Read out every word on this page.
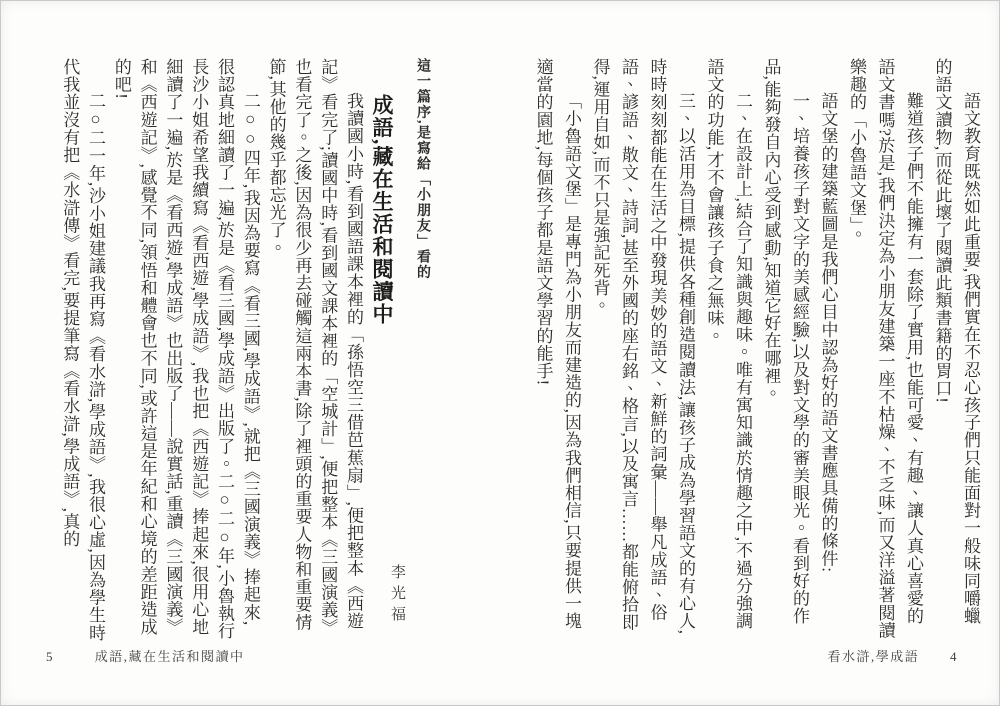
語文教育既然如此重要,我們實在不忍心孩子們只能面對一般味同嚼蠟的語文讀物,而從此壞了閱讀此類書籍的胃口!

難道孩子們不能擁有一套除了實用,也能可愛、有趣、讓人真心喜愛的語文書嗎?於是,我們決定為小朋友建築一座不枯燥、不乏味,而又洋溢著閱讀樂趣的「小魯語文堡」。

語文堡的建築藍圖是我們心目中認為好的語文書應具備的條件:

一、培養孩子對文字的美感經驗,以及對文學的審美眼光。看到好的作品,能夠發自內心受到感動,知道它好在哪裡。

二、在設計上,結合了知識與趣味。唯有寓知識於情趣之中,不過分強調語文的功能,才不會讓孩子食之無味。

三、以活用為目標,提供各種創造閱讀法,讓孩子成為學習語文的有心人,時時刻刻都能在生活之中發現美妙的語文、新鮮的詞彙——舉凡成語、俗語、諺語、散文、詩詞,甚至外國的座右銘、格言,以及寓言……都能俯拾即得,運用自如,而不只是強記死背。

「小魯語文堡」是專門為小朋友而建造的,因為我們相信,只要提供一塊適當的園地,每個孩子都是語文學習的能手!

看水滸,學成語 4

這一篇序,是寫給「小朋友」看的

成語,藏在生活和閱讀中
李光福

我讀國小時,看到國語課本裡的「孫悟空三借芭蕉扇」,便把整本《西遊記》看完了;讀國中時,看到國文課本裡的「空城計」,便把整本《三國演義》也看完了。之後,因為很少再去碰觸這兩本書,除了裡頭的重要人物和重要情節,其他的幾乎都忘光了。

二○○四年,我因為要寫《看三國,學成語》,就把《三國演義》捧起來,很認真地細讀了一遍,於是《看三國,學成語》出版了。二○二○年,小魯執行長沙小姐希望我續寫《看西遊,學成語》,我也把《西遊記》捧起來,很用心地細讀了一遍,於是《看西遊,學成語》也出版了——說實話,重讀《三國演義》和《西遊記》,感覺不同,領悟和體會也不同,或許這是年紀和心境的差距造成的吧!

二○二一年,沙小姐建議我再寫《看水滸,學成語》,我很心虛,因為學生時代我並沒有把《水滸傳》看完,要提筆寫《看水滸,學成語》,真的

5	成語,藏在生活和閱讀中
